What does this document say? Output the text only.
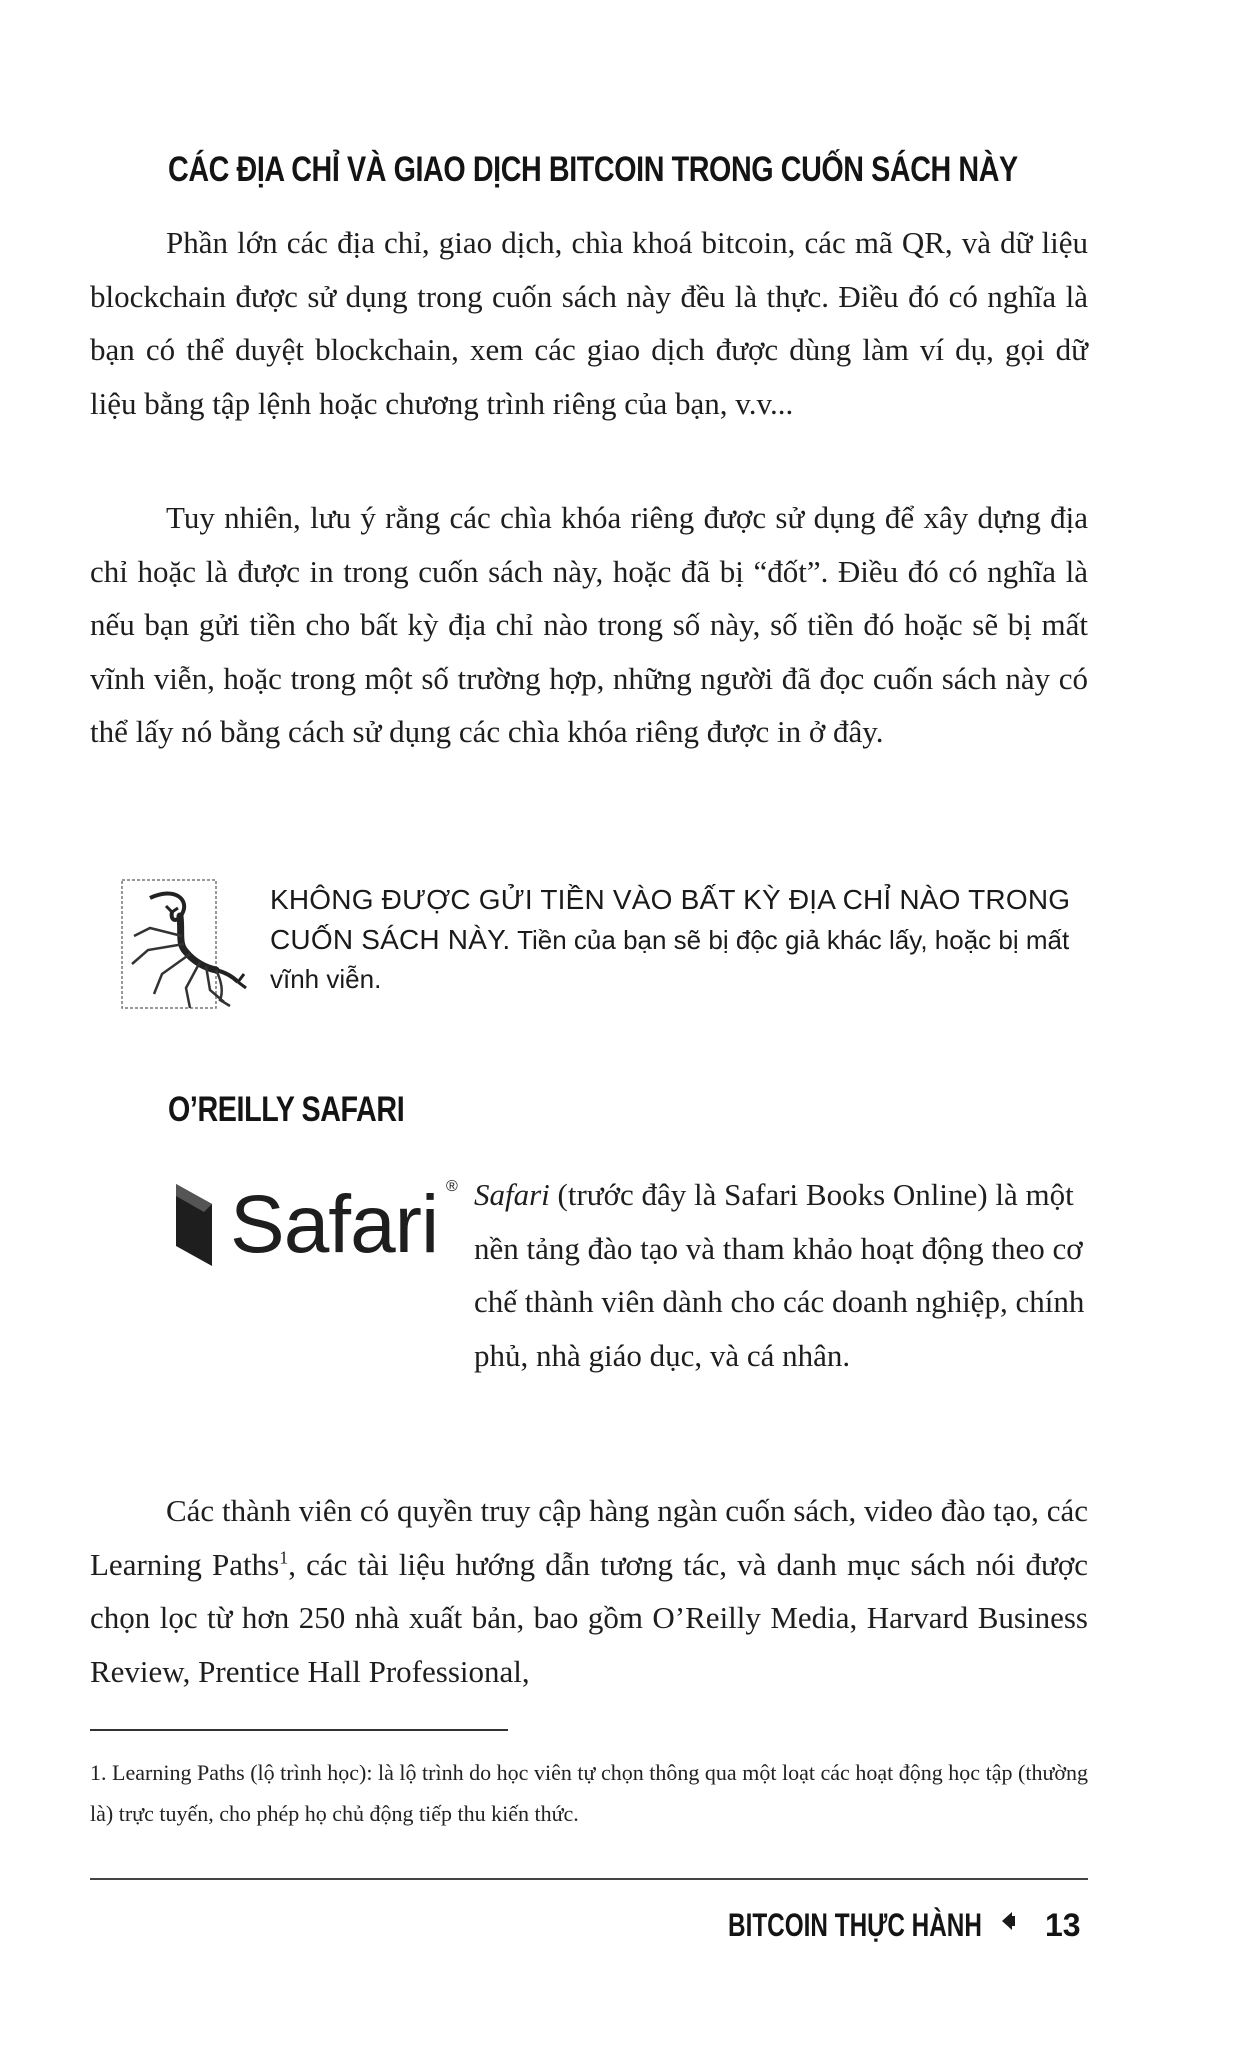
CÁC ĐỊA CHỈ VÀ GIAO DỊCH BITCOIN TRONG CUỐN SÁCH NÀY

Phần lớn các địa chỉ, giao dịch, chìa khoá bitcoin, các mã QR, và dữ liệu blockchain được sử dụng trong cuốn sách này đều là thực. Điều đó có nghĩa là bạn có thể duyệt blockchain, xem các giao dịch được dùng làm ví dụ, gọi dữ liệu bằng tập lệnh hoặc chương trình riêng của bạn, v.v...

Tuy nhiên, lưu ý rằng các chìa khóa riêng được sử dụng để xây dựng địa chỉ hoặc là được in trong cuốn sách này, hoặc đã bị “đốt”. Điều đó có nghĩa là nếu bạn gửi tiền cho bất kỳ địa chỉ nào trong số này, số tiền đó hoặc sẽ bị mất vĩnh viễn, hoặc trong một số trường hợp, những người đã đọc cuốn sách này có thể lấy nó bằng cách sử dụng các chìa khóa riêng được in ở đây.

KHÔNG ĐƯỢC GỬI TIỀN VÀO BẤT KỲ ĐỊA CHỈ NÀO TRONG CUỐN SÁCH NÀY. Tiền của bạn sẽ bị độc giả khác lấy, hoặc bị mất vĩnh viễn.

O’REILLY SAFARI
Safari ® Safari (trước đây là Safari Books Online) là một nền tảng đào tạo và tham khảo hoạt động theo cơ chế thành viên dành cho các doanh nghiệp, chính phủ, nhà giáo dục, và cá nhân.

Các thành viên có quyền truy cập hàng ngàn cuốn sách, video đào tạo, các Learning Paths$^1$, các tài liệu hướng dẫn tương tác, và danh mục sách nói được chọn lọc từ hơn 250 nhà xuất bản, bao gồm O’Reilly Media, Harvard Business Review, Prentice Hall Professional,

1. Learning Paths (lộ trình học): là lộ trình do học viên tự chọn thông qua một loạt các hoạt động học tập (thường là) trực tuyến, cho phép họ chủ động tiếp thu kiến thức.

BITCOIN THỰC HÀNH 13
